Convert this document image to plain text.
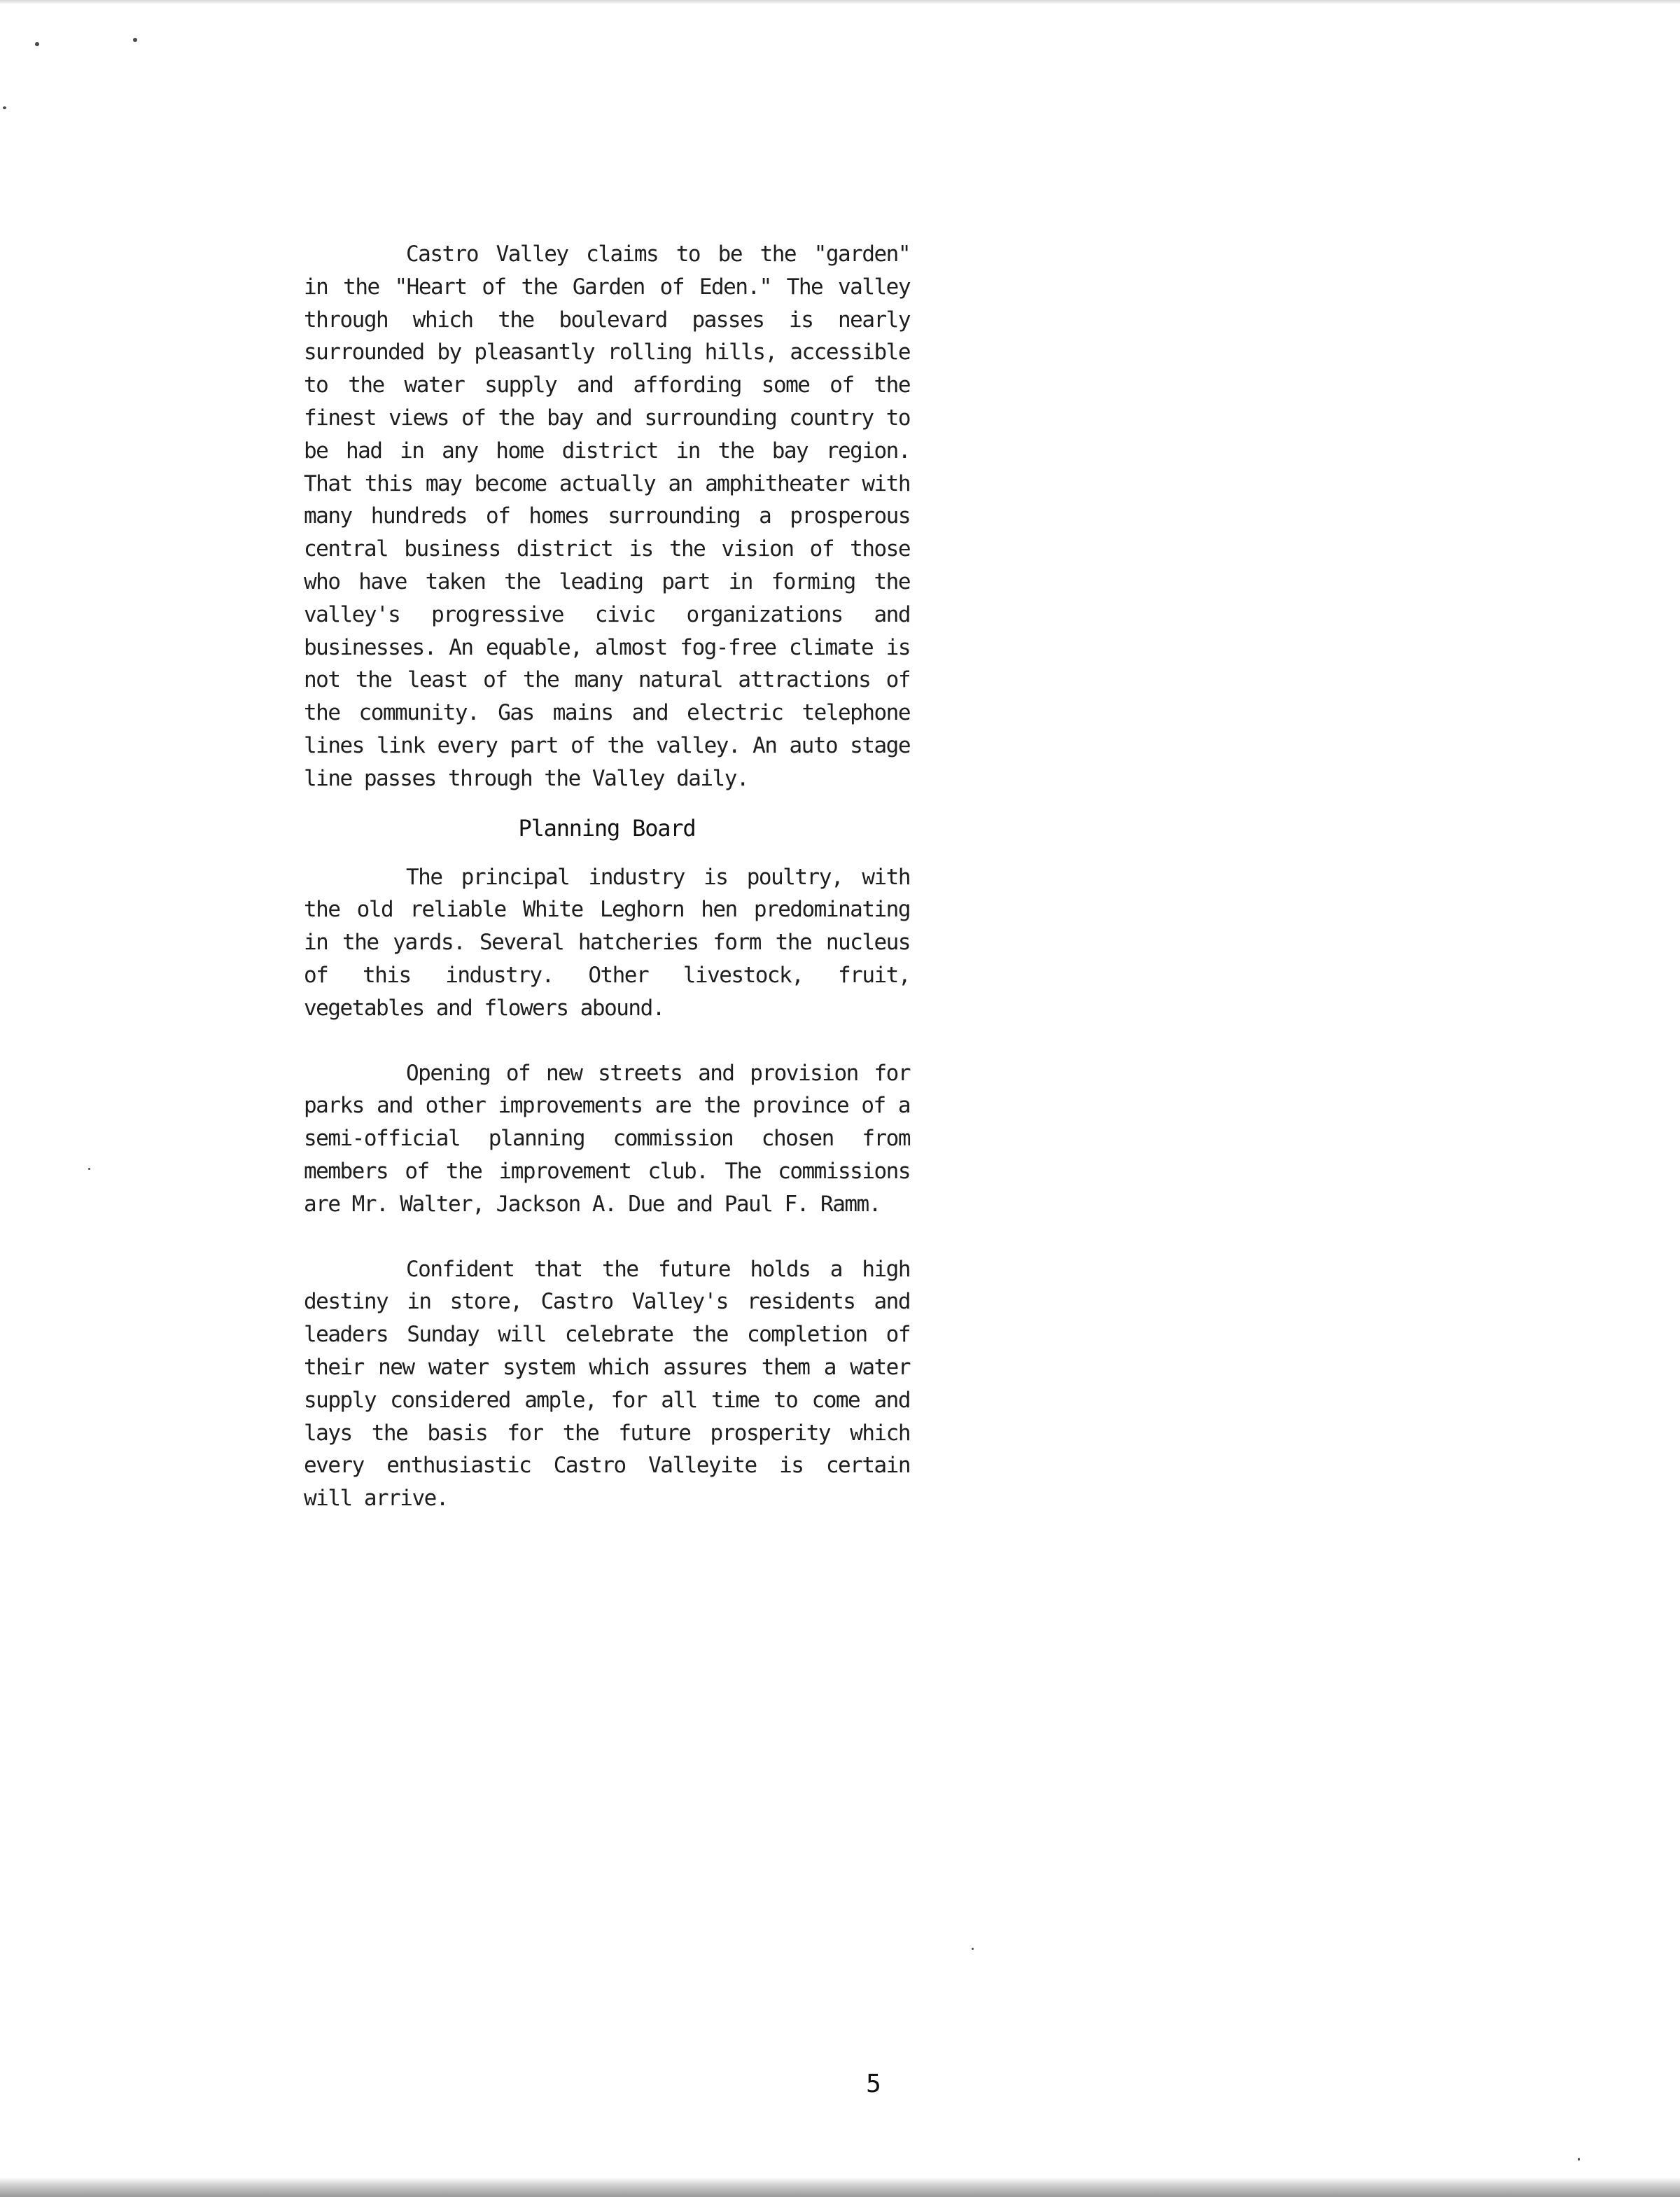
Castro Valley claims to be the "garden" in the "Heart of the Garden of Eden." The valley through which the boulevard passes is nearly surrounded by pleasantly rolling hills, accessible to the water supply and affording some of the finest views of the bay and surrounding country to be had in any home district in the bay region. That this may become actually an amphitheater with many hundreds of homes surrounding a prosperous central business district is the vision of those who have taken the leading part in forming the valley's progressive civic organizations and businesses. An equable, almost fog-free climate is not the least of the many natural attractions of the community. Gas mains and electric telephone lines link every part of the valley. An auto stage line passes through the Valley daily.

Planning Board

The principal industry is poultry, with the old reliable White Leghorn hen predominating in the yards. Several hatcheries form the nucleus of this industry. Other livestock, fruit, vegetables and flowers abound.

Opening of new streets and provision for parks and other improvements are the province of a semi-official planning commission chosen from members of the improvement club. The commissions are Mr. Walter, Jackson A. Due and Paul F. Ramm.

Confident that the future holds a high destiny in store, Castro Valley's residents and leaders Sunday will celebrate the completion of their new water system which assures them a water supply considered ample, for all time to come and lays the basis for the future prosperity which every enthusiastic Castro Valleyite is certain will arrive.

5
